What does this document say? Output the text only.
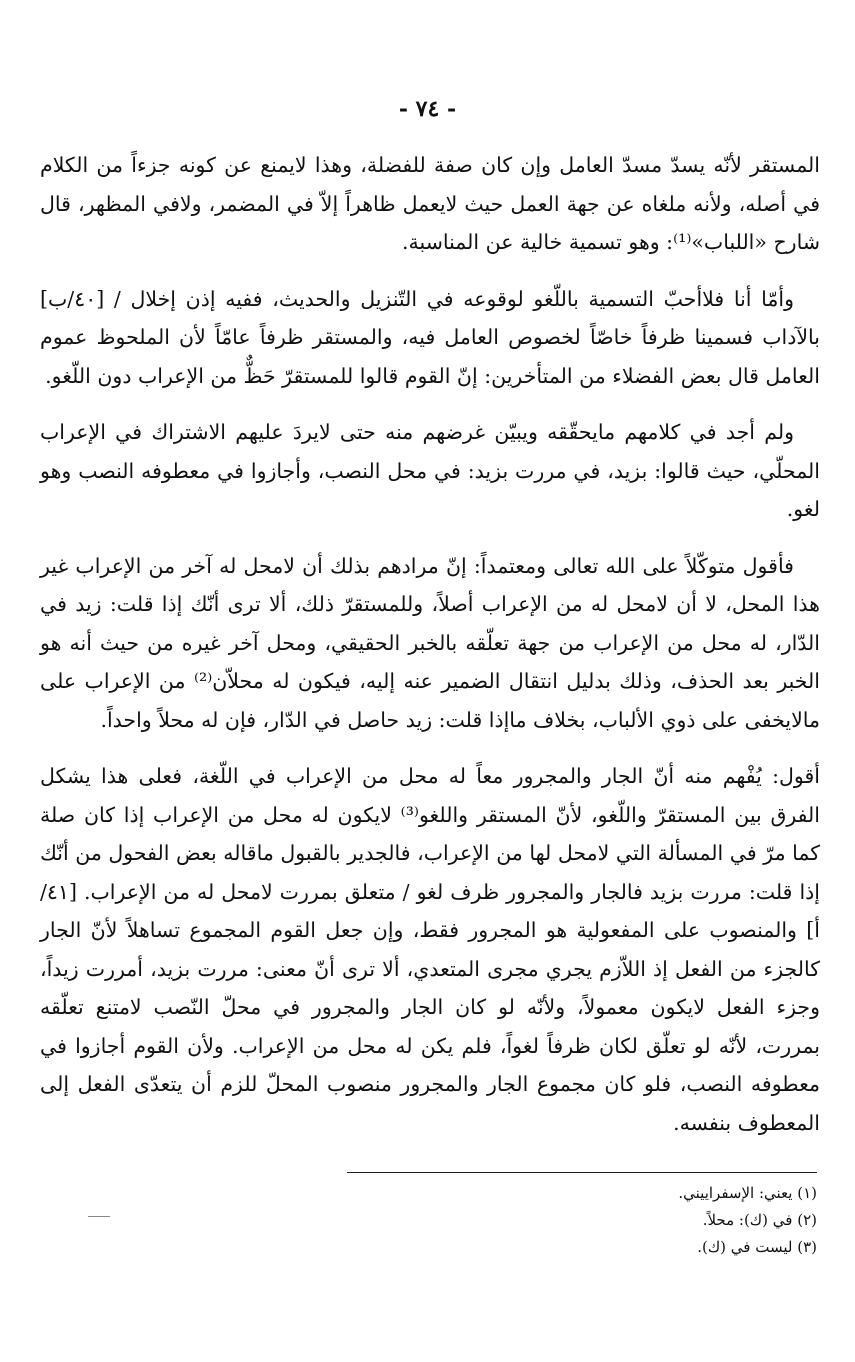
- ٧٤ -

المستقر لأنّه يسدّ مسدّ العامل وإن كان صفة للفضلة، وهذا لايمنع عن كونه جزءاً من الكلام في أصله، ولأنه ملغاه عن جهة العمل حيث لايعمل ظاهراً إلاّ في المضمر، ولافي المظهر، قال شارح «اللباب»⁽¹⁾: وهو تسمية خالية عن المناسبة.

وأمّا أنا فلاأحبّ التسمية باللّغو لوقوعه في التّنزيل والحديث، ففيه إذن إخلال / [٤٠/ب] بالآداب فسمينا ظرفاً خاصّاً لخصوص العامل فيه، والمستقر ظرفاً عامّاً لأن الملحوظ عموم العامل قال بعض الفضلاء من المتأخرين: إنّ القوم قالوا للمستقرّ حَظٌّ من الإعراب دون اللّغو.

ولم أجد في كلامهم مايحقّقه ويبيّن غرضهم منه حتى لايردَ عليهم الاشتراك في الإعراب المحلّي، حيث قالوا: بزيد، في مررت بزيد: في محل النصب، وأجازوا في معطوفه النصب وهو لغو.

فأقول متوكّلاً على الله تعالى ومعتمداً: إنّ مرادهم بذلك أن لامحل له آخر من الإعراب غير هذا المحل، لا أن لامحل له من الإعراب أصلاً، وللمستقرّ ذلك، ألا ترى أنّك إذا قلت: زيد في الدّار، له محل من الإعراب من جهة تعلّقه بالخبر الحقيقي، ومحل آخر غيره من حيث أنه هو الخبر بعد الحذف، وذلك بدليل انتقال الضمير عنه إليه، فيكون له محلاّن⁽²⁾ من الإعراب على مالايخفى على ذوي الألباب، بخلاف ماإذا قلت: زيد حاصل في الدّار، فإن له محلاً واحداً.

أقول: يُفْهم منه أنّ الجار والمجرور معاً له محل من الإعراب في اللّغة، فعلى هذا يشكل الفرق بين المستقرّ واللّغو، لأنّ المستقر واللغو⁽³⁾ لايكون له محل من الإعراب إذا كان صلة كما مرّ في المسألة التي لامحل لها من الإعراب، فالجدير بالقبول ماقاله بعض الفحول من أنّك إذا قلت: مررت بزيد فالجار والمجرور ظرف لغو / متعلق بمررت لامحل له من الإعراب. [٤١/أ] والمنصوب على المفعولية هو المجرور فقط، وإن جعل القوم المجموع تساهلاً لأنّ الجار كالجزء من الفعل إذ اللاّزم يجري مجرى المتعدي، ألا ترى أنّ معنى: مررت بزيد، أمررت زيداً، وجزء الفعل لايكون معمولاً، ولأنّه لو كان الجار والمجرور في محلّ النّصب لامتنع تعلّقه بمررت، لأنّه لو تعلّق لكان ظرفاً لغواً، فلم يكن له محل من الإعراب. ولأن القوم أجازوا في معطوفه النصب، فلو كان مجموع الجار والمجرور منصوب المحلّ للزم أن يتعدّى الفعل إلى المعطوف بنفسه.

(١) يعني: الإسفراييني.
(٢) في (ك): محلاً.
(٣) ليست في (ك).
